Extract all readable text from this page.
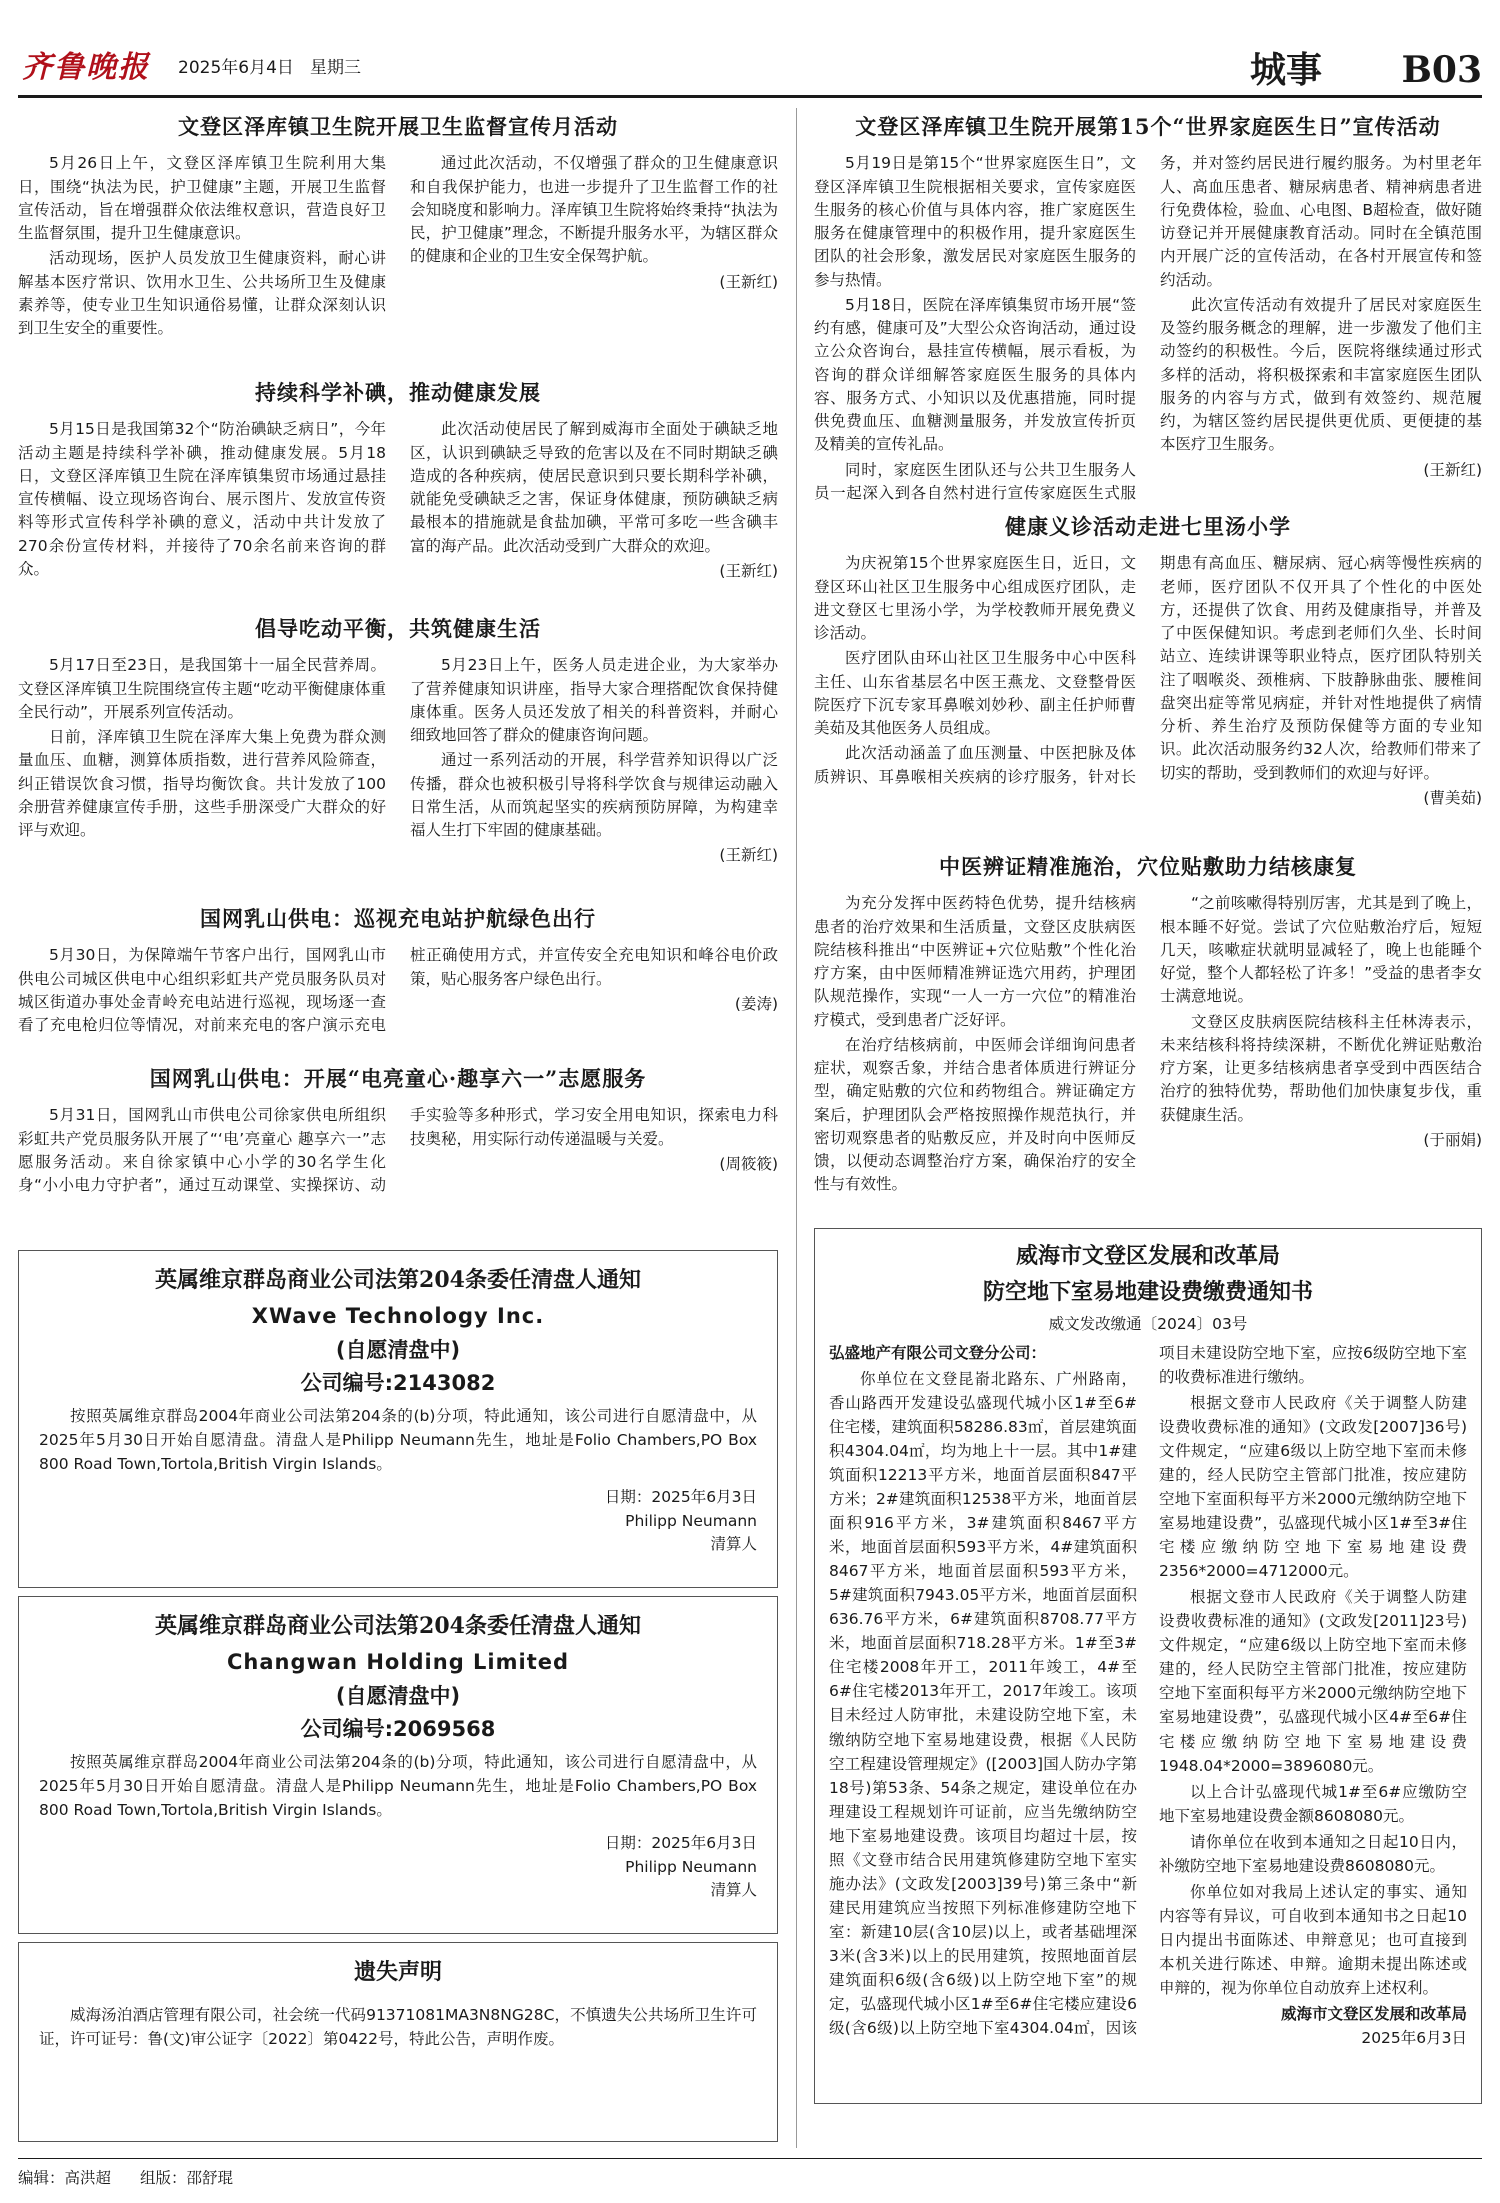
齐鲁晚报 2025年6月4日 星期三	城事 B03
文登区泽库镇卫生院开展卫生监督宣传月活动

5月26日上午，文登区泽库镇卫生院利用大集日，围绕“执法为民，护卫健康”主题，开展卫生监督宣传活动，旨在增强群众依法维权意识，营造良好卫生监督氛围，提升卫生健康意识。

活动现场，医护人员发放卫生健康资料，耐心讲解基本医疗常识、饮用水卫生、公共场所卫生及健康素养等，使专业卫生知识通俗易懂，让群众深刻认识到卫生安全的重要性。

通过此次活动，不仅增强了群众的卫生健康意识和自我保护能力，也进一步提升了卫生监督工作的社会知晓度和影响力。泽库镇卫生院将始终秉持“执法为民，护卫健康”理念，不断提升服务水平，为辖区群众的健康和企业的卫生安全保驾护航。

(王新红)
持续科学补碘，推动健康发展

5月15日是我国第32个“防治碘缺乏病日”，今年活动主题是持续科学补碘，推动健康发展。5月18日，文登区泽库镇卫生院在泽库镇集贸市场通过悬挂宣传横幅、设立现场咨询台、展示图片、发放宣传资料等形式宣传科学补碘的意义，活动中共计发放了270余份宣传材料，并接待了70余名前来咨询的群众。

此次活动使居民了解到威海市全面处于碘缺乏地区，认识到碘缺乏导致的危害以及在不同时期缺乏碘造成的各种疾病，使居民意识到只要长期科学补碘，就能免受碘缺乏之害，保证身体健康，预防碘缺乏病最根本的措施就是食盐加碘，平常可多吃一些含碘丰富的海产品。此次活动受到广大群众的欢迎。

(王新红)
倡导吃动平衡，共筑健康生活

5月17日至23日，是我国第十一届全民营养周。文登区泽库镇卫生院围绕宣传主题“吃动平衡健康体重全民行动”，开展系列宣传活动。

日前，泽库镇卫生院在泽库大集上免费为群众测量血压、血糖，测算体质指数，进行营养风险筛查，纠正错误饮食习惯，指导均衡饮食。共计发放了100余册营养健康宣传手册，这些手册深受广大群众的好评与欢迎。

5月23日上午，医务人员走进企业，为大家举办了营养健康知识讲座，指导大家合理搭配饮食保持健康体重。医务人员还发放了相关的科普资料，并耐心细致地回答了群众的健康咨询问题。

通过一系列活动的开展，科学营养知识得以广泛传播，群众也被积极引导将科学饮食与规律运动融入日常生活，从而筑起坚实的疾病预防屏障，为构建幸福人生打下牢固的健康基础。

(王新红)
国网乳山供电：巡视充电站护航绿色出行

5月30日，为保障端午节客户出行，国网乳山市供电公司城区供电中心组织彩虹共产党员服务队员对城区街道办事处金青岭充电站进行巡视，现场逐一查看了充电枪归位等情况，对前来充电的客户演示充电桩正确使用方式，并宣传安全充电知识和峰谷电价政策，贴心服务客户绿色出行。

(姜涛)
国网乳山供电：开展“电亮童心·趣享六一”志愿服务

5月31日，国网乳山市供电公司徐家供电所组织彩虹共产党员服务队开展了“‘电’亮童心 趣享六一”志愿服务活动。来自徐家镇中心小学的30名学生化身“小小电力守护者”，通过互动课堂、实操探访、动手实验等多种形式，学习安全用电知识，探索电力科技奥秘，用实际行动传递温暖与关爱。

(周筱筱)
英属维京群岛商业公司法第204条委任清盘人通知
XWave Technology Inc.
(自愿清盘中)
公司编号:2143082
按照英属维京群岛2004年商业公司法第204条的(b)分项，特此通知，该公司进行自愿清盘中，从2025年5月30日开始自愿清盘。清盘人是Philipp Neumann先生，地址是Folio Chambers,PO Box 800 Road Town,Tortola,British Virgin Islands。
日期：2025年6月3日
Philipp Neumann
清算人
英属维京群岛商业公司法第204条委任清盘人通知
Changwan Holding Limited
(自愿清盘中)
公司编号:2069568
按照英属维京群岛2004年商业公司法第204条的(b)分项，特此通知，该公司进行自愿清盘中，从2025年5月30日开始自愿清盘。清盘人是Philipp Neumann先生，地址是Folio Chambers,PO Box 800 Road Town,Tortola,British Virgin Islands。
日期：2025年6月3日
Philipp Neumann
清算人
遗失声明
威海汤泊酒店管理有限公司，社会统一代码91371081MA3N8NG28C，不慎遗失公共场所卫生许可证，许可证号：鲁(文)审公证字〔2022〕第0422号，特此公告，声明作废。
文登区泽库镇卫生院开展第15个“世界家庭医生日”宣传活动

5月19日是第15个“世界家庭医生日”，文登区泽库镇卫生院根据相关要求，宣传家庭医生服务的核心价值与具体内容，推广家庭医生服务在健康管理中的积极作用，提升家庭医生团队的社会形象，激发居民对家庭医生服务的参与热情。

5月18日，医院在泽库镇集贸市场开展“签约有感，健康可及”大型公众咨询活动，通过设立公众咨询台，悬挂宣传横幅，展示看板，为咨询的群众详细解答家庭医生服务的具体内容、服务方式、小知识以及优惠措施，同时提供免费血压、血糖测量服务，并发放宣传折页及精美的宣传礼品。

同时，家庭医生团队还与公共卫生服务人员一起深入到各自然村进行宣传家庭医生式服务，并对签约居民进行履约服务。为村里老年人、高血压患者、糖尿病患者、精神病患者进行免费体检，验血、心电图、B超检查，做好随访登记并开展健康教育活动。同时在全镇范围内开展广泛的宣传活动，在各村开展宣传和签约活动。

此次宣传活动有效提升了居民对家庭医生及签约服务概念的理解，进一步激发了他们主动签约的积极性。今后，医院将继续通过形式多样的活动，将积极探索和丰富家庭医生团队服务的内容与方式，做到有效签约、规范履约，为辖区签约居民提供更优质、更便捷的基本医疗卫生服务。

(王新红)
健康义诊活动走进七里汤小学

为庆祝第15个世界家庭医生日，近日，文登区环山社区卫生服务中心组成医疗团队，走进文登区七里汤小学，为学校教师开展免费义诊活动。

医疗团队由环山社区卫生服务中心中医科主任、山东省基层名中医王燕龙、文登整骨医院医疗下沉专家耳鼻喉刘妙秒、副主任护师曹美茹及其他医务人员组成。

此次活动涵盖了血压测量、中医把脉及体质辨识、耳鼻喉相关疾病的诊疗服务，针对长期患有高血压、糖尿病、冠心病等慢性疾病的老师，医疗团队不仅开具了个性化的中医处方，还提供了饮食、用药及健康指导，并普及了中医保健知识。考虑到老师们久坐、长时间站立、连续讲课等职业特点，医疗团队特别关注了咽喉炎、颈椎病、下肢静脉曲张、腰椎间盘突出症等常见病症，并针对性地提供了病情分析、养生治疗及预防保健等方面的专业知识。此次活动服务约32人次，给教师们带来了切实的帮助，受到教师们的欢迎与好评。

(曹美茹)
中医辨证精准施治，穴位贴敷助力结核康复

为充分发挥中医药特色优势，提升结核病患者的治疗效果和生活质量，文登区皮肤病医院结核科推出“中医辨证+穴位贴敷”个性化治疗方案，由中医师精准辨证选穴用药，护理团队规范操作，实现“一人一方一穴位”的精准治疗模式，受到患者广泛好评。

在治疗结核病前，中医师会详细询问患者症状，观察舌象，并结合患者体质进行辨证分型，确定贴敷的穴位和药物组合。辨证确定方案后，护理团队会严格按照操作规范执行，并密切观察患者的贴敷反应，并及时向中医师反馈，以便动态调整治疗方案，确保治疗的安全性与有效性。

“之前咳嗽得特别厉害，尤其是到了晚上，根本睡不好觉。尝试了穴位贴敷治疗后，短短几天，咳嗽症状就明显减轻了，晚上也能睡个好觉，整个人都轻松了许多！”受益的患者李女士满意地说。

文登区皮肤病医院结核科主任林涛表示，未来结核科将持续深耕，不断优化辨证贴敷治疗方案，让更多结核病患者享受到中西医结合治疗的独特优势，帮助他们加快康复步伐，重获健康生活。

(于丽娟)
威海市文登区发展和改革局
防空地下室易地建设费缴费通知书
威文发改缴通〔2024〕03号

弘盛地产有限公司文登分公司：

你单位在文登昆嵛北路东、广州路南，香山路西开发建设弘盛现代城小区1#至6#住宅楼，建筑面积58286.83㎡，首层建筑面积4304.04㎡，均为地上十一层。其中1#建筑面积12213平方米，地面首层面积847平方米；2#建筑面积12538平方米，地面首层面积916平方米，3#建筑面积8467平方米，地面首层面积593平方米，4#建筑面积8467平方米，地面首层面积593平方米，5#建筑面积7943.05平方米，地面首层面积636.76平方米，6#建筑面积8708.77平方米，地面首层面积718.28平方米。1#至3#住宅楼2008年开工，2011年竣工，4#至6#住宅楼2013年开工，2017年竣工。该项目未经过人防审批，未建设防空地下室，未缴纳防空地下室易地建设费，根据《人民防空工程建设管理规定》([2003]国人防办字第18号)第53条、54条之规定，建设单位在办理建设工程规划许可证前，应当先缴纳防空地下室易地建设费。该项目均超过十层，按照《文登市结合民用建筑修建防空地下室实施办法》(文政发[2003]39号)第三条中“新建民用建筑应当按照下列标准修建防空地下室：新建10层(含10层)以上，或者基础埋深3米(含3米)以上的民用建筑，按照地面首层建筑面积6级(含6级)以上防空地下室”的规定，弘盛现代城小区1#至6#住宅楼应建设6级(含6级)以上防空地下室4304.04㎡，因该项目未建设防空地下室，应按6级防空地下室的收费标准进行缴纳。

根据文登市人民政府《关于调整人防建设费收费标准的通知》(文政发[2007]36号)文件规定，“应建6级以上防空地下室而未修建的，经人民防空主管部门批准，按应建防空地下室面积每平方米2000元缴纳防空地下室易地建设费”，弘盛现代城小区1#至3#住宅楼应缴纳防空地下室易地建设费2356*2000=4712000元。

根据文登市人民政府《关于调整人防建设费收费标准的通知》(文政发[2011]23号)文件规定，“应建6级以上防空地下室而未修建的，经人民防空主管部门批准，按应建防空地下室面积每平方米2000元缴纳防空地下室易地建设费”，弘盛现代城小区4#至6#住宅楼应缴纳防空地下室易地建设费1948.04*2000=3896080元。

以上合计弘盛现代城1#至6#应缴防空地下室易地建设费金额8608080元。

请你单位在收到本通知之日起10日内，补缴防空地下室易地建设费8608080元。

你单位如对我局上述认定的事实、通知内容等有异议，可自收到本通知书之日起10日内提出书面陈述、申辩意见；也可直接到本机关进行陈述、申辩。逾期未提出陈述或申辩的，视为你单位自动放弃上述权利。

威海市文登区发展和改革局
2025年6月3日
编辑：高洪超 组版：邵舒琨
